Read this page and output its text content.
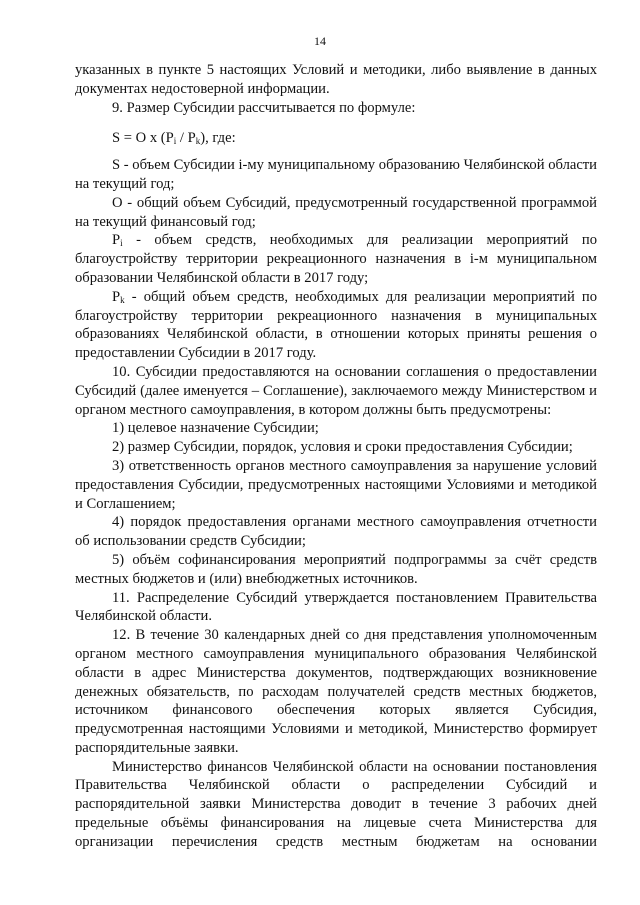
14

указанных в пункте 5 настоящих Условий и методики, либо выявление в данных документах недостоверной информации.

9. Размер Субсидии рассчитывается по формуле:

S = O x $(P_i / P_k)$, где:

S - объем Субсидии i-му муниципальному образованию Челябинской области на текущий год;

O - общий объем Субсидий, предусмотренный государственной программой на текущий финансовый год;

$P_i$ - объем средств, необходимых для реализации мероприятий по благоустройству территории рекреационного назначения в i-м муниципальном образовании Челябинской области в 2017 году;

$P_k$ - общий объем средств, необходимых для реализации мероприятий по благоустройству территории рекреационного назначения в муниципальных образованиях Челябинской области, в отношении которых приняты решения о предоставлении Субсидии в 2017 году.

10. Субсидии предоставляются на основании соглашения о предоставлении Субсидий (далее именуется – Соглашение), заключаемого между Министерством и органом местного самоуправления, в котором должны быть предусмотрены:

1) целевое назначение Субсидии;

2) размер Субсидии, порядок, условия и сроки предоставления Субсидии;

3) ответственность органов местного самоуправления за нарушение условий предоставления Субсидии, предусмотренных настоящими Условиями и методикой и Соглашением;

4) порядок предоставления органами местного самоуправления отчетности об использовании средств Субсидии;

5) объём софинансирования мероприятий подпрограммы за счёт средств местных бюджетов и (или) внебюджетных источников.

11. Распределение Субсидий утверждается постановлением Правительства Челябинской области.

12. В течение 30 календарных дней со дня представления уполномоченным органом местного самоуправления муниципального образования Челябинской области в адрес Министерства документов, подтверждающих возникновение денежных обязательств, по расходам получателей средств местных бюджетов, источником финансового обеспечения которых является Субсидия, предусмотренная настоящими Условиями и методикой, Министерство формирует распорядительные заявки.

Министерство финансов Челябинской области на основании постановления Правительства Челябинской области о распределении Субсидий и распорядительной заявки Министерства доводит в течение 3 рабочих дней предельные объёмы финансирования на лицевые счета Министерства для организации перечисления средств местным бюджетам на основании
